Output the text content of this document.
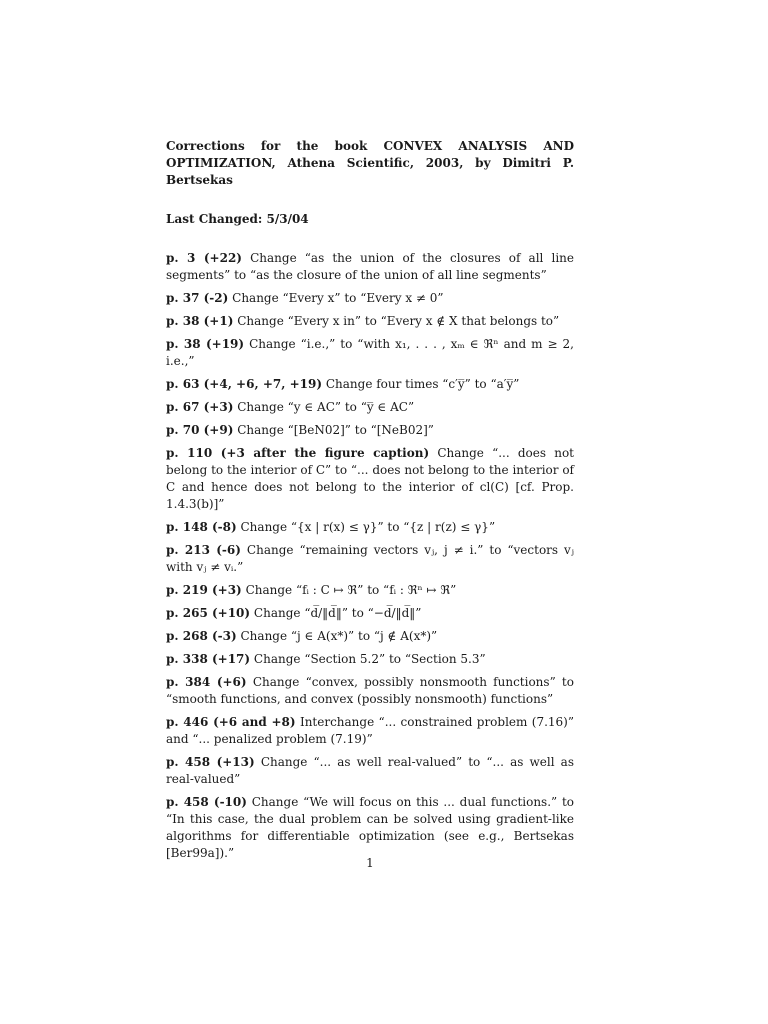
Corrections for the book CONVEX ANALYSIS AND OPTIMIZATION, Athena Scientific, 2003, by Dimitri P. Bertsekas

Last Changed: 5/3/04

p. 3 (+22) Change “as the union of the closures of all line segments” to “as the closure of the union of all line segments”

p. 37 (-2) Change “Every x” to “Every x ≠ 0”

p. 38 (+1) Change “Every x in” to “Every x ∉ X that belongs to”

p. 38 (+19) Change “i.e.,” to “with x₁, . . . , xₘ ∈ ℜⁿ and m ≥ 2, i.e.,”

p. 63 (+4, +6, +7, +19) Change four times “c′y̅” to “a′y̅”

p. 67 (+3) Change “y ∈ AC” to “y̅ ∈ AC”

p. 70 (+9) Change “[BeN02]” to “[NeB02]”

p. 110 (+3 after the figure caption) Change “... does not belong to the interior of C” to “... does not belong to the interior of C and hence does not belong to the interior of cl(C) [cf. Prop. 1.4.3(b)]”

p. 148 (-8) Change “{x | r(x) ≤ γ}” to “{z | r(z) ≤ γ}”

p. 213 (-6) Change “remaining vectors vⱼ, j ≠ i.” to “vectors vⱼ with vⱼ ≠ vᵢ.”

p. 219 (+3) Change “fᵢ : C ↦ ℜ” to “fᵢ : ℜⁿ ↦ ℜ”

p. 265 (+10) Change “d̅/‖d̅‖” to “−d̅/‖d̅‖”

p. 268 (-3) Change “j ∈ A(x*)” to “j ∉ A(x*)”

p. 338 (+17) Change “Section 5.2” to “Section 5.3”

p. 384 (+6) Change “convex, possibly nonsmooth functions” to “smooth functions, and convex (possibly nonsmooth) functions”

p. 446 (+6 and +8) Interchange “... constrained problem (7.16)” and “... penalized problem (7.19)”

p. 458 (+13) Change “... as well real-valued” to “... as well as real-valued”

p. 458 (-10) Change “We will focus on this ... dual functions.” to “In this case, the dual problem can be solved using gradient-like algorithms for differentiable optimization (see e.g., Bertsekas [Ber99a]).”

1
